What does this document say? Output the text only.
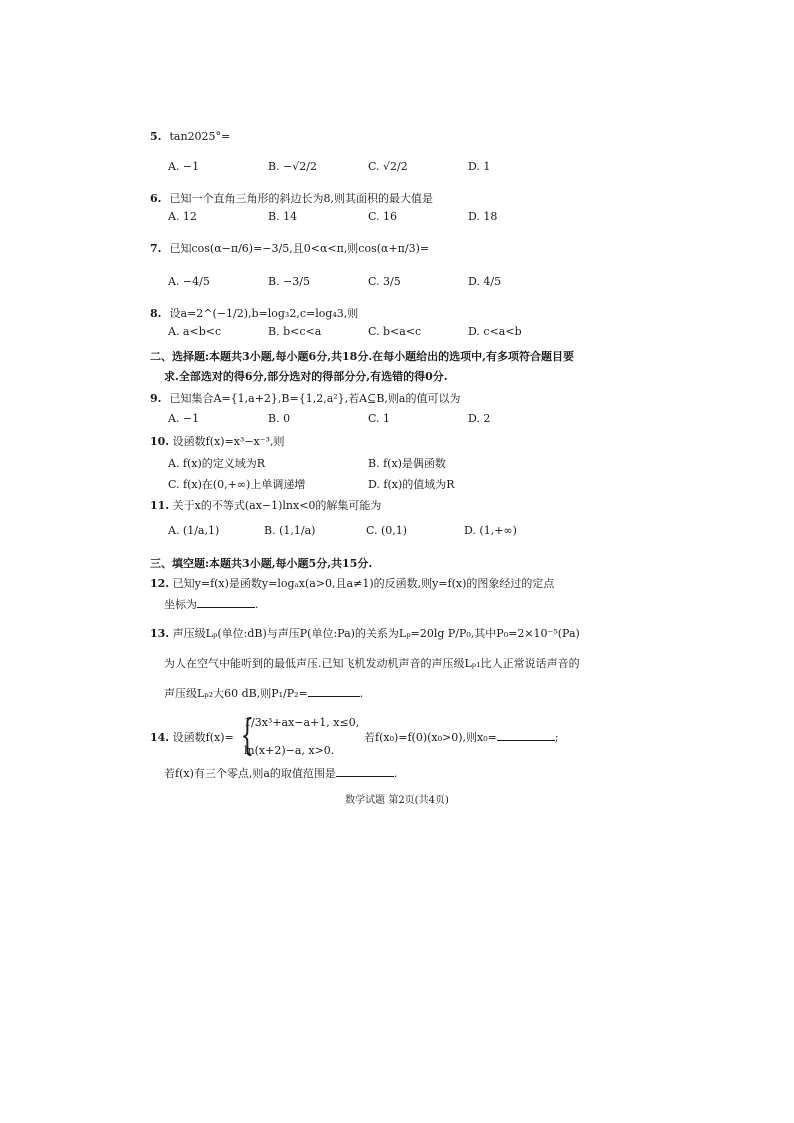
5. tan2025°=
A. −1	B. −√2/2	C. √2/2	D. 1
6. 已知一个直角三角形的斜边长为8,则其面积的最大值是
A. 12	B. 14	C. 16	D. 18
7. 已知cos(α−π/6)=−3/5,且0<α<π,则cos(α+π/3)=
A. −4/5	B. −3/5	C. 3/5	D. 4/5
8. 设a=2^(−1/2),b=log₃2,c=log₄3,则
A. a<b<c	B. b<c<a	C. b<a<c	D. c<a<b
二、选择题:本题共3小题,每小题6分,共18分.在每小题给出的选项中,有多项符合题目要
求.全部选对的得6分,部分选对的得部分分,有选错的得0分.
9. 已知集合A={1,a+2},B={1,2,a²},若A⊆B,则a的值可以为
A. −1	B. 0	C. 1	D. 2
10. 设函数f(x)=x³−x⁻³,则
A. f(x)的定义域为R	B. f(x)是偶函数
C. f(x)在(0,+∞)上单调递增	D. f(x)的值域为R
11. 关于x的不等式(ax−1)lnx<0的解集可能为
A. (1/a,1)	B. (1,1/a)	C. (0,1)	D. (1,+∞)
三、填空题:本题共3小题,每小题5分,共15分.
12. 已知y=f(x)是函数y=logₐx(a>0,且a≠1)的反函数,则y=f(x)的图象经过的定点
坐标为	.
13. 声压级Lₚ(单位:dB)与声压P(单位:Pa)的关系为Lₚ=20lg P/P₀,其中P₀=2×10⁻⁵(Pa)
为人在空气中能听到的最低声压.已知飞机发动机声音的声压级Lₚ₁比人正常说话声音的
声压级Lₚ₂大60 dB,则P₁/P₂=	.
14. 设函数f(x)= {
1/3x³+ax−a+1, x≤0,
ln(x+2)−a, x>0.
若f(x₀)=f(0)(x₀>0),则x₀=	;
若f(x)有三个零点,则a的取值范围是	.
数学试题 第2页(共4页)
